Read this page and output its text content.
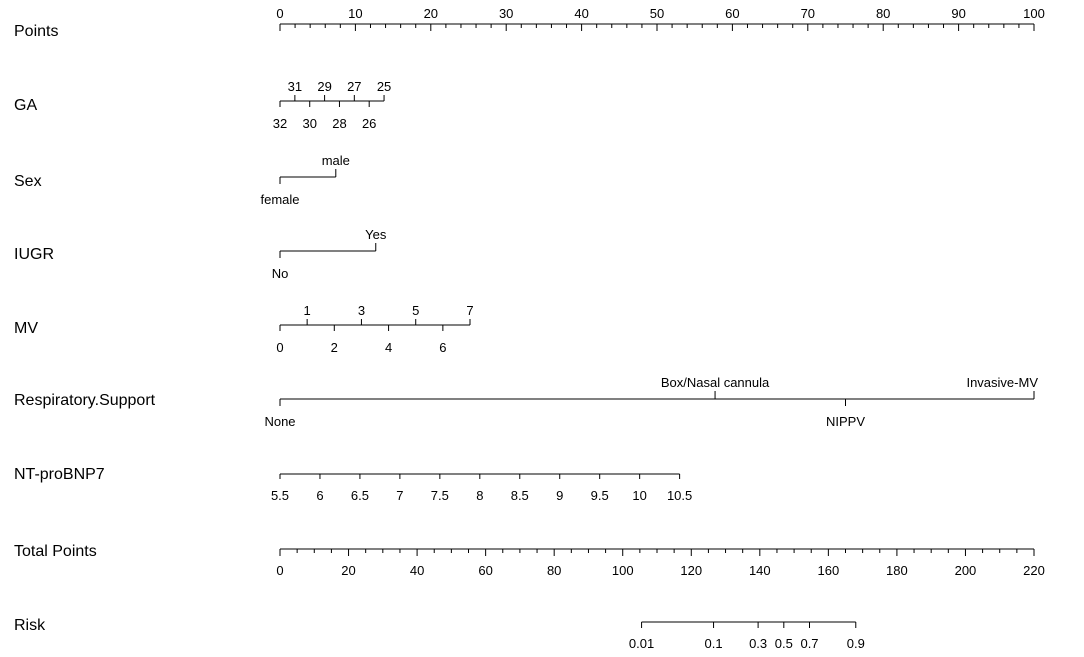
Points
0	10	20	30	40	50	60	70	80	90	100
GA
32
31
30
29
28
27
26
25
Sex
female
male
IUGR
No
Yes
MV
0
1
2
3
4
5
6
7
Respiratory.Support
None
Box/Nasal cannula
NIPPV
Invasive-MV
NT-proBNP7
5.5 6 6.5 7 7.5 8 8.5 9 9.5 10 10.5
Total Points
0	20	40	60	80	100	120	140	160	180	200	220
Risk
0.01	0.1 0.3 0.5 0.7 0.9
